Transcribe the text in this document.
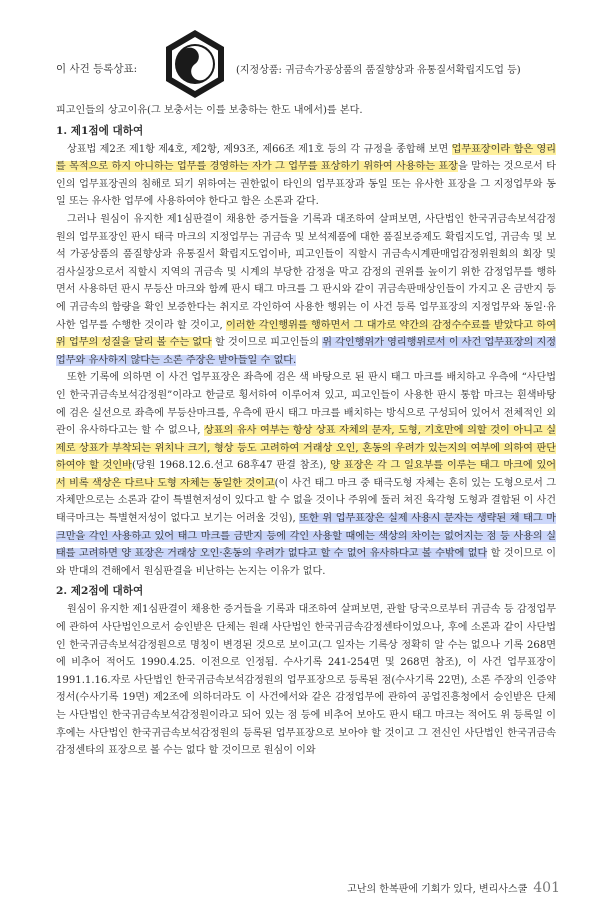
이 사건 등록상표:	(지정상품: 귀금속가공상품의 품질향상과 유통질서확립지도업 등)

피고인들의 상고이유(그 보충서는 이를 보충하는 한도 내에서)를 본다.

1. 제1점에 대하여

상표법 제2조 제1항 제4호, 제2항, 제93조, 제66조 제1호 등의 각 규정을 종합해 보면 업무표장이라 함은 영리를 목적으로 하지 아니하는 업무를 경영하는 자가 그 업무를 표상하기 위하여 사용하는 표장을 말하는 것으로서 타인의 업무표장권의 침해로 되기 위하여는 권한없이 타인의 업무표장과 동일 또는 유사한 표장을 그 지정업무와 동일 또는 유사한 업무에 사용하여야 한다고 함은 소론과 같다.

그러나 원심이 유지한 제1심판결이 채용한 증거들을 기록과 대조하여 살펴보면, 사단법인 한국귀금속보석감정원의 업무표장인 판시 태극 마크의 지정업무는 귀금속 및 보석제품에 대한 품질보증제도 확립지도업, 귀금속 및 보석 가공상품의 품질향상과 유통질서 확립지도업이바, 피고인들이 직할시 귀금속시계판매업감정위원회의 회장 및 검사실장으로서 직할시 지역의 귀금속 및 시계의 부당한 감정을 막고 감정의 권위를 높이기 위한 감정업무를 행하면서 사용하던 판시 무등산 마크와 함께 판시 태그 마크를 그 판시와 같이 귀금속판매상인들이 가지고 온 금반지 등에 귀금속의 함량을 확인 보증한다는 취지로 각인하여 사용한 행위는 이 사건 등록 업무표장의 지정업무와 동일·유사한 업무를 수행한 것이라 할 것이고, 이러한 각인행위를 행하면서 그 대가로 약간의 감정수수료를 받았다고 하여 위 업무의 성질을 달리 볼 수는 없다 할 것이므로 피고인들의 위 각인행위가 영리행위로서 이 사건 업무표장의 지정업무와 유사하지 않다는 소론 주장은 받아들일 수 없다.

또한 기록에 의하면 이 사건 업무표장은 좌측에 검은 색 바탕으로 된 판시 태그 마크를 배치하고 우측에 “사단법인 한국귀금속보석감정원”이라고 한글로 횡서하여 이루어져 있고, 피고인들이 사용한 판시 통합 마크는 흰색바탕에 검은 실선으로 좌측에 무등산마크를, 우측에 판시 태그 마크를 배치하는 방식으로 구성되어 있어서 전체적인 외관이 유사하다고는 할 수 없으나, 상표의 유사 여부는 항상 상표 자체의 문자, 도형, 기호만에 의할 것이 아니고 실제로 상표가 부착되는 위치나 크기, 형상 등도 고려하여 거래상 오인, 혼동의 우려가 있는지의 여부에 의하여 판단하여야 할 것인바(당원 1968.12.6.선고 68후47 판결 참조), 양 표장은 각 그 일요부를 이루는 태그 마크에 있어서 비록 색상은 다르나 도형 자체는 동일한 것이고(이 사건 태그 마크 중 태극도형 자체는 흔히 있는 도형으로서 그 자체만으로는 소론과 같이 특별현저성이 있다고 할 수 없을 것이나 주위에 둘러 쳐진 육각형 도형과 결합된 이 사건 태극마크는 특별현저성이 없다고 보기는 어려울 것임), 또한 위 업무표장은 실제 사용시 문자는 생략된 채 태그 마크만을 각인 사용하고 있어 태그 마크를 금반지 등에 각인 사용할 때에는 색상의 차이는 없어지는 점 등 사용의 실태를 고려하면 양 표장은 거래상 오인·혼동의 우려가 없다고 할 수 없어 유사하다고 볼 수밖에 없다 할 것이므로 이와 반대의 견해에서 원심판결을 비난하는 논지는 이유가 없다.

2. 제2점에 대하여

원심이 유지한 제1심판결이 채용한 증거들을 기록과 대조하여 살펴보면, 관할 당국으로부터 귀금속 등 감정업무에 관하여 사단법인으로서 승인받은 단체는 원래 사단법인 한국귀금속감정센타이었으나, 후에 소론과 같이 사단법인 한국귀금속보석감정원으로 명칭이 변경된 것으로 보이고(그 일자는 기록상 정확히 알 수는 없으나 기록 268면에 비추어 적어도 1990.4.25. 이전으로 인정됨. 수사기록 241-254면 및 268면 참조), 이 사건 업무표장이 1991.1.16.자로 사단법인 한국귀금속보석감정원의 업무표장으로 등록된 점(수사기록 22면), 소론 주장의 인증약정서(수사기록 19면) 제2조에 의하더라도 이 사건에서와 같은 감정업무에 관하여 공업진흥청에서 승인받은 단체는 사단법인 한국귀금속보석감정원이라고 되어 있는 점 등에 비추어 보아도 판시 태그 마크는 적어도 위 등록일 이후에는 사단법인 한국귀금속보석감정원의 등록된 업무표장으로 보아야 할 것이고 그 전신인 사단법인 한국귀금속감정센타의 표장으로 볼 수는 없다 할 것이므로 원심이 이와

고난의 한복판에 기회가 있다, 변리사스쿨 401
